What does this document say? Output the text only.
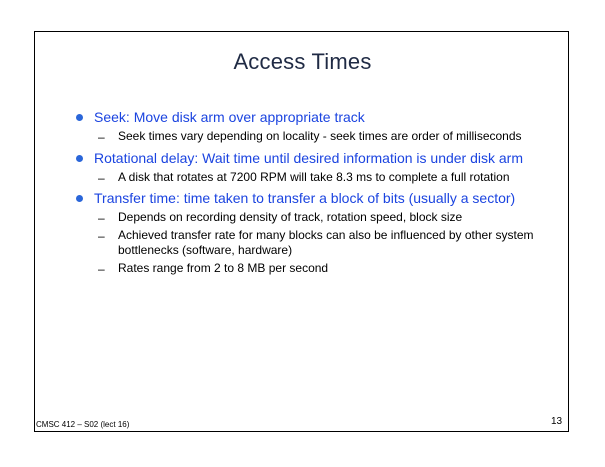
Access Times
Seek: Move disk arm over appropriate track
– Seek times vary depending on locality - seek times are order of milliseconds
Rotational delay: Wait time until desired information is under disk arm
– A disk that rotates at 7200 RPM will take 8.3 ms to complete a full rotation
Transfer time: time taken to transfer a block of bits (usually a sector)
– Depends on recording density of track, rotation speed, block size
– Achieved transfer rate for many blocks can also be influenced by other system bottlenecks (software, hardware)
– Rates range from 2 to 8 MB per second
CMSC 412 – S02 (lect 16)	13
